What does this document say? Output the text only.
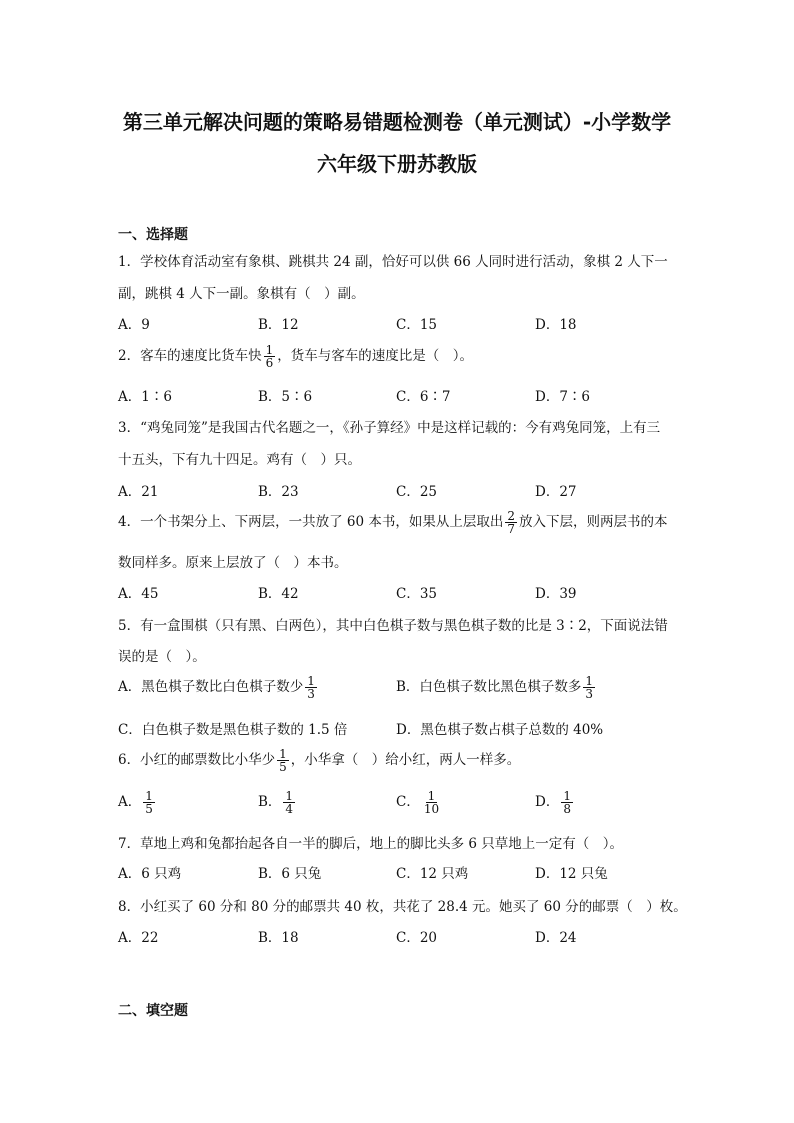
第三单元解决问题的策略易错题检测卷（单元测试）-小学数学
六年级下册苏教版
一、选择题
1．学校体育活动室有象棋、跳棋共 24 副，恰好可以供 66 人同时进行活动，象棋 2 人下一
副，跳棋 4 人下一副。象棋有（　）副。
A．9	B．12	C．15	D．18
2．客车的速度比货车快 $\frac{1}{6}$ ，货车与客车的速度比是（　）。
A．1∶6	B．5∶6	C．6∶7	D．7∶6
3．“鸡兔同笼”是我国古代名题之一，《孙子算经》中是这样记载的：今有鸡兔同笼，上有三
十五头，下有九十四足。鸡有（　）只。
A．21	B．23	C．25	D．27
4．一个书架分上、下两层，一共放了 60 本书，如果从上层取出 $\frac{2}{7}$ 放入下层，则两层书的本
数同样多。原来上层放了（　）本书。
A．45	B．42	C．35	D．39
5．有一盒围棋（只有黑、白两色），其中白色棋子数与黑色棋子数的比是 3∶2，下面说法错
误的是（　）。
A．黑色棋子数比白色棋子数少 $\frac{1}{3}$	B．白色棋子数比黑色棋子数多 $\frac{1}{3}$
C．白色棋子数是黑色棋子数的 1.5 倍	D．黑色棋子数占棋子总数的 40%
6．小红的邮票数比小华少 $\frac{1}{5}$ ，小华拿（　）给小红，两人一样多。
A． $\frac{1}{5}$	B． $\frac{1}{4}$	C． $\frac{1}{10}$	D． $\frac{1}{8}$
7．草地上鸡和兔都抬起各自一半的脚后，地上的脚比头多 6 只草地上一定有（　）。
A．6 只鸡	B．6 只兔	C．12 只鸡	D．12 只兔
8．小红买了 60 分和 80 分的邮票共 40 枚，共花了 28.4 元。她买了 60 分的邮票（　）枚。
A．22	B．18	C．20	D．24
二、填空题
